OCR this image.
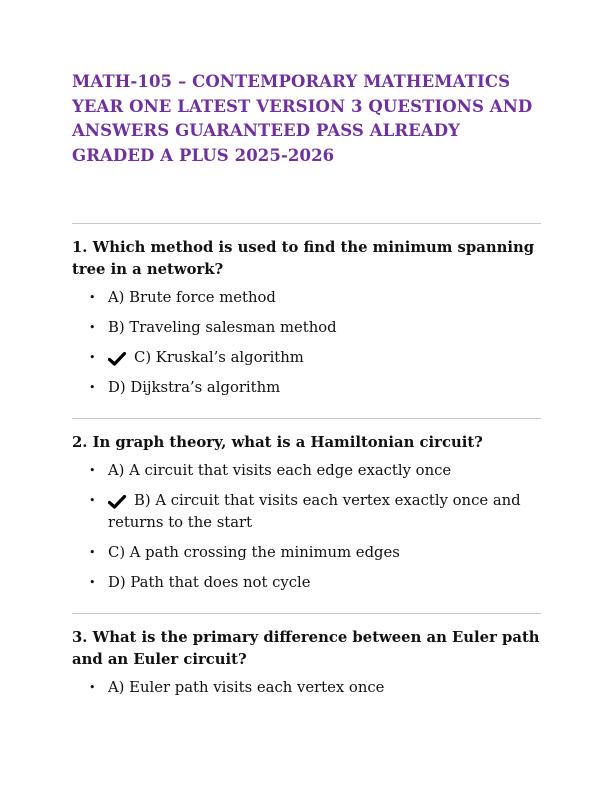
MATH-105 – CONTEMPORARY MATHEMATICS YEAR ONE LATEST VERSION 3 QUESTIONS AND ANSWERS GUARANTEED PASS ALREADY GRADED A PLUS 2025-2026

1. Which method is used to find the minimum spanning tree in a network?

• A) Brute force method
• B) Traveling salesman method
•	C) Kruskal’s algorithm
• D) Dijkstra’s algorithm

2. In graph theory, what is a Hamiltonian circuit?

• A) A circuit that visits each edge exactly once
•	B) A circuit that visits each vertex exactly once and returns to the start
• C) A path crossing the minimum edges
• D) Path that does not cycle

3. What is the primary difference between an Euler path and an Euler circuit?

• A) Euler path visits each vertex once
